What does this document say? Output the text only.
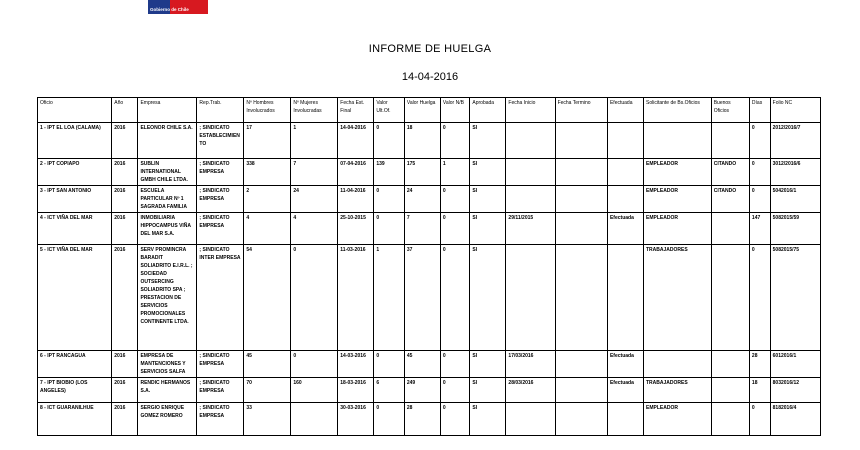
Gobierno de Chile
INFORME DE HUELGA
14-04-2016
Oficio	Año	Empresa	Rep.Trab.	Nº Hombres Involucrados	Nº Mujeres Involucradas	Fecha Est. Final	Valor Ult.Of.	Valor Huelga	Valor N/B	Aprobada	Fecha Inicio	Fecha Termino	Efectuada	Solicitante de Bs.Oficios	Buenos Oficios	Días	Folio NC
1 - IPT EL LOA (CALAMA)	2016	ELEONOR CHILE S.A.	; SINDICATO ESTABLECIMIENTO	17	1	14-04-2016	0	18	0	SI						0	2012/2016/7
2 - IPT COPIAPO	2016	SUBLIN INTERNATIONAL GMBH CHILE LTDA.	; SINDICATO EMPRESA	338	7	07-04-2016	139	175	1	SI				EMPLEADOR	CITANDO	0	3012/2016/6
3 - IPT SAN ANTONIO	2016	ESCUELA PARTICULAR Nº 1 SAGRADA FAMILIA	; SINDICATO EMPRESA	2	24	11-04-2016	0	24	0	SI				EMPLEADOR	CITANDO	0	5042016/1
4 - ICT VIÑA DEL MAR	2016	INMOBILIARIA HIPPOCAMPUS VIÑA DEL MAR S.A.	; SINDICATO EMPRESA	4	4	25-10-2015	0	7	0	SI	29/11/2015		Efectuada	EMPLEADOR		147	5082015/59
5 - ICT VIÑA DEL MAR	2016	SERV PROMINCRA BARADIT SOLIADRITO E.I.R.L. ; SOCIEDAD OUTSERCING SOLIADRITO SPA ; PRESTACION DE SERVICIOS PROMOCIONALES CONTINENTE LTDA.	; SINDICATO INTER EMPRESA	54	0	11-03-2016	1	37	0	SI				TRABAJADORES		0	5082015/75
6 - IPT RANCAGUA	2016	EMPRESA DE MANTENCIONES Y SERVICIOS SALFA	; SINDICATO EMPRESA	45	0	14-03-2016	0	45	0	SI	17/03/2016		Efectuada			28	6012016/1
7 - IPT BIOBIO (LOS ANGELES)	2016	RENDIC HERMANOS S.A.	; SINDICATO EMPRESA	70	160	18-03-2016	6	249	0	SI	28/03/2016		Efectuada	TRABAJADORES		18	8032016/12
8 - ICT GUARANILHUE	2016	SERGIO ENRIQUE GOMEZ ROMERO	; SINDICATO EMPRESA	33		30-03-2016	0	28	0	SI				EMPLEADOR		0	8182016/4
